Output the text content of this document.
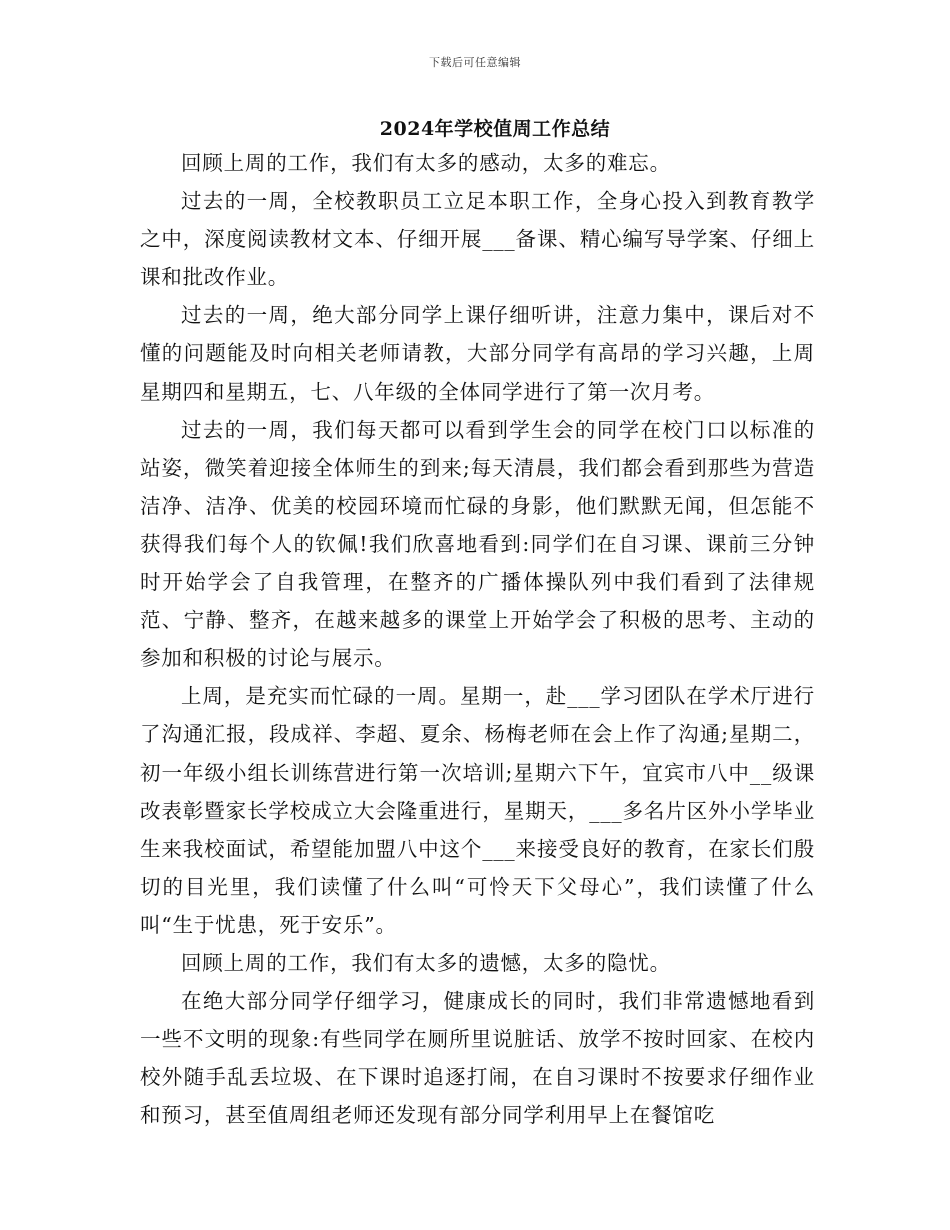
下载后可任意编辑
2024年学校值周工作总结

回顾上周的工作，我们有太多的感动，太多的难忘。

过去的一周，全校教职员工立足本职工作，全身心投入到教育教学之中，深度阅读教材文本、仔细开展___备课、精心编写导学案、仔细上课和批改作业。

过去的一周，绝大部分同学上课仔细听讲，注意力集中，课后对不懂的问题能及时向相关老师请教，大部分同学有高昂的学习兴趣，上周星期四和星期五，七、八年级的全体同学进行了第一次月考。

过去的一周，我们每天都可以看到学生会的同学在校门口以标准的站姿，微笑着迎接全体师生的到来;每天清晨，我们都会看到那些为营造洁净、洁净、优美的校园环境而忙碌的身影，他们默默无闻，但怎能不获得我们每个人的钦佩!我们欣喜地看到:同学们在自习课、课前三分钟时开始学会了自我管理，在整齐的广播体操队列中我们看到了法律规范、宁静、整齐，在越来越多的课堂上开始学会了积极的思考、主动的参加和积极的讨论与展示。

上周，是充实而忙碌的一周。星期一，赴___学习团队在学术厅进行了沟通汇报，段成祥、李超、夏余、杨梅老师在会上作了沟通;星期二，初一年级小组长训练营进行第一次培训;星期六下午，宜宾市八中__级课改表彰暨家长学校成立大会隆重进行，星期天，___多名片区外小学毕业生来我校面试，希望能加盟八中这个___来接受良好的教育，在家长们殷切的目光里，我们读懂了什么叫“可怜天下父母心”，我们读懂了什么叫“生于忧患，死于安乐”。

回顾上周的工作，我们有太多的遗憾，太多的隐忧。

在绝大部分同学仔细学习，健康成长的同时，我们非常遗憾地看到一些不文明的现象:有些同学在厕所里说脏话、放学不按时回家、在校内校外随手乱丢垃圾、在下课时追逐打闹，在自习课时不按要求仔细作业和预习，甚至值周组老师还发现有部分同学利用早上在餐馆吃
